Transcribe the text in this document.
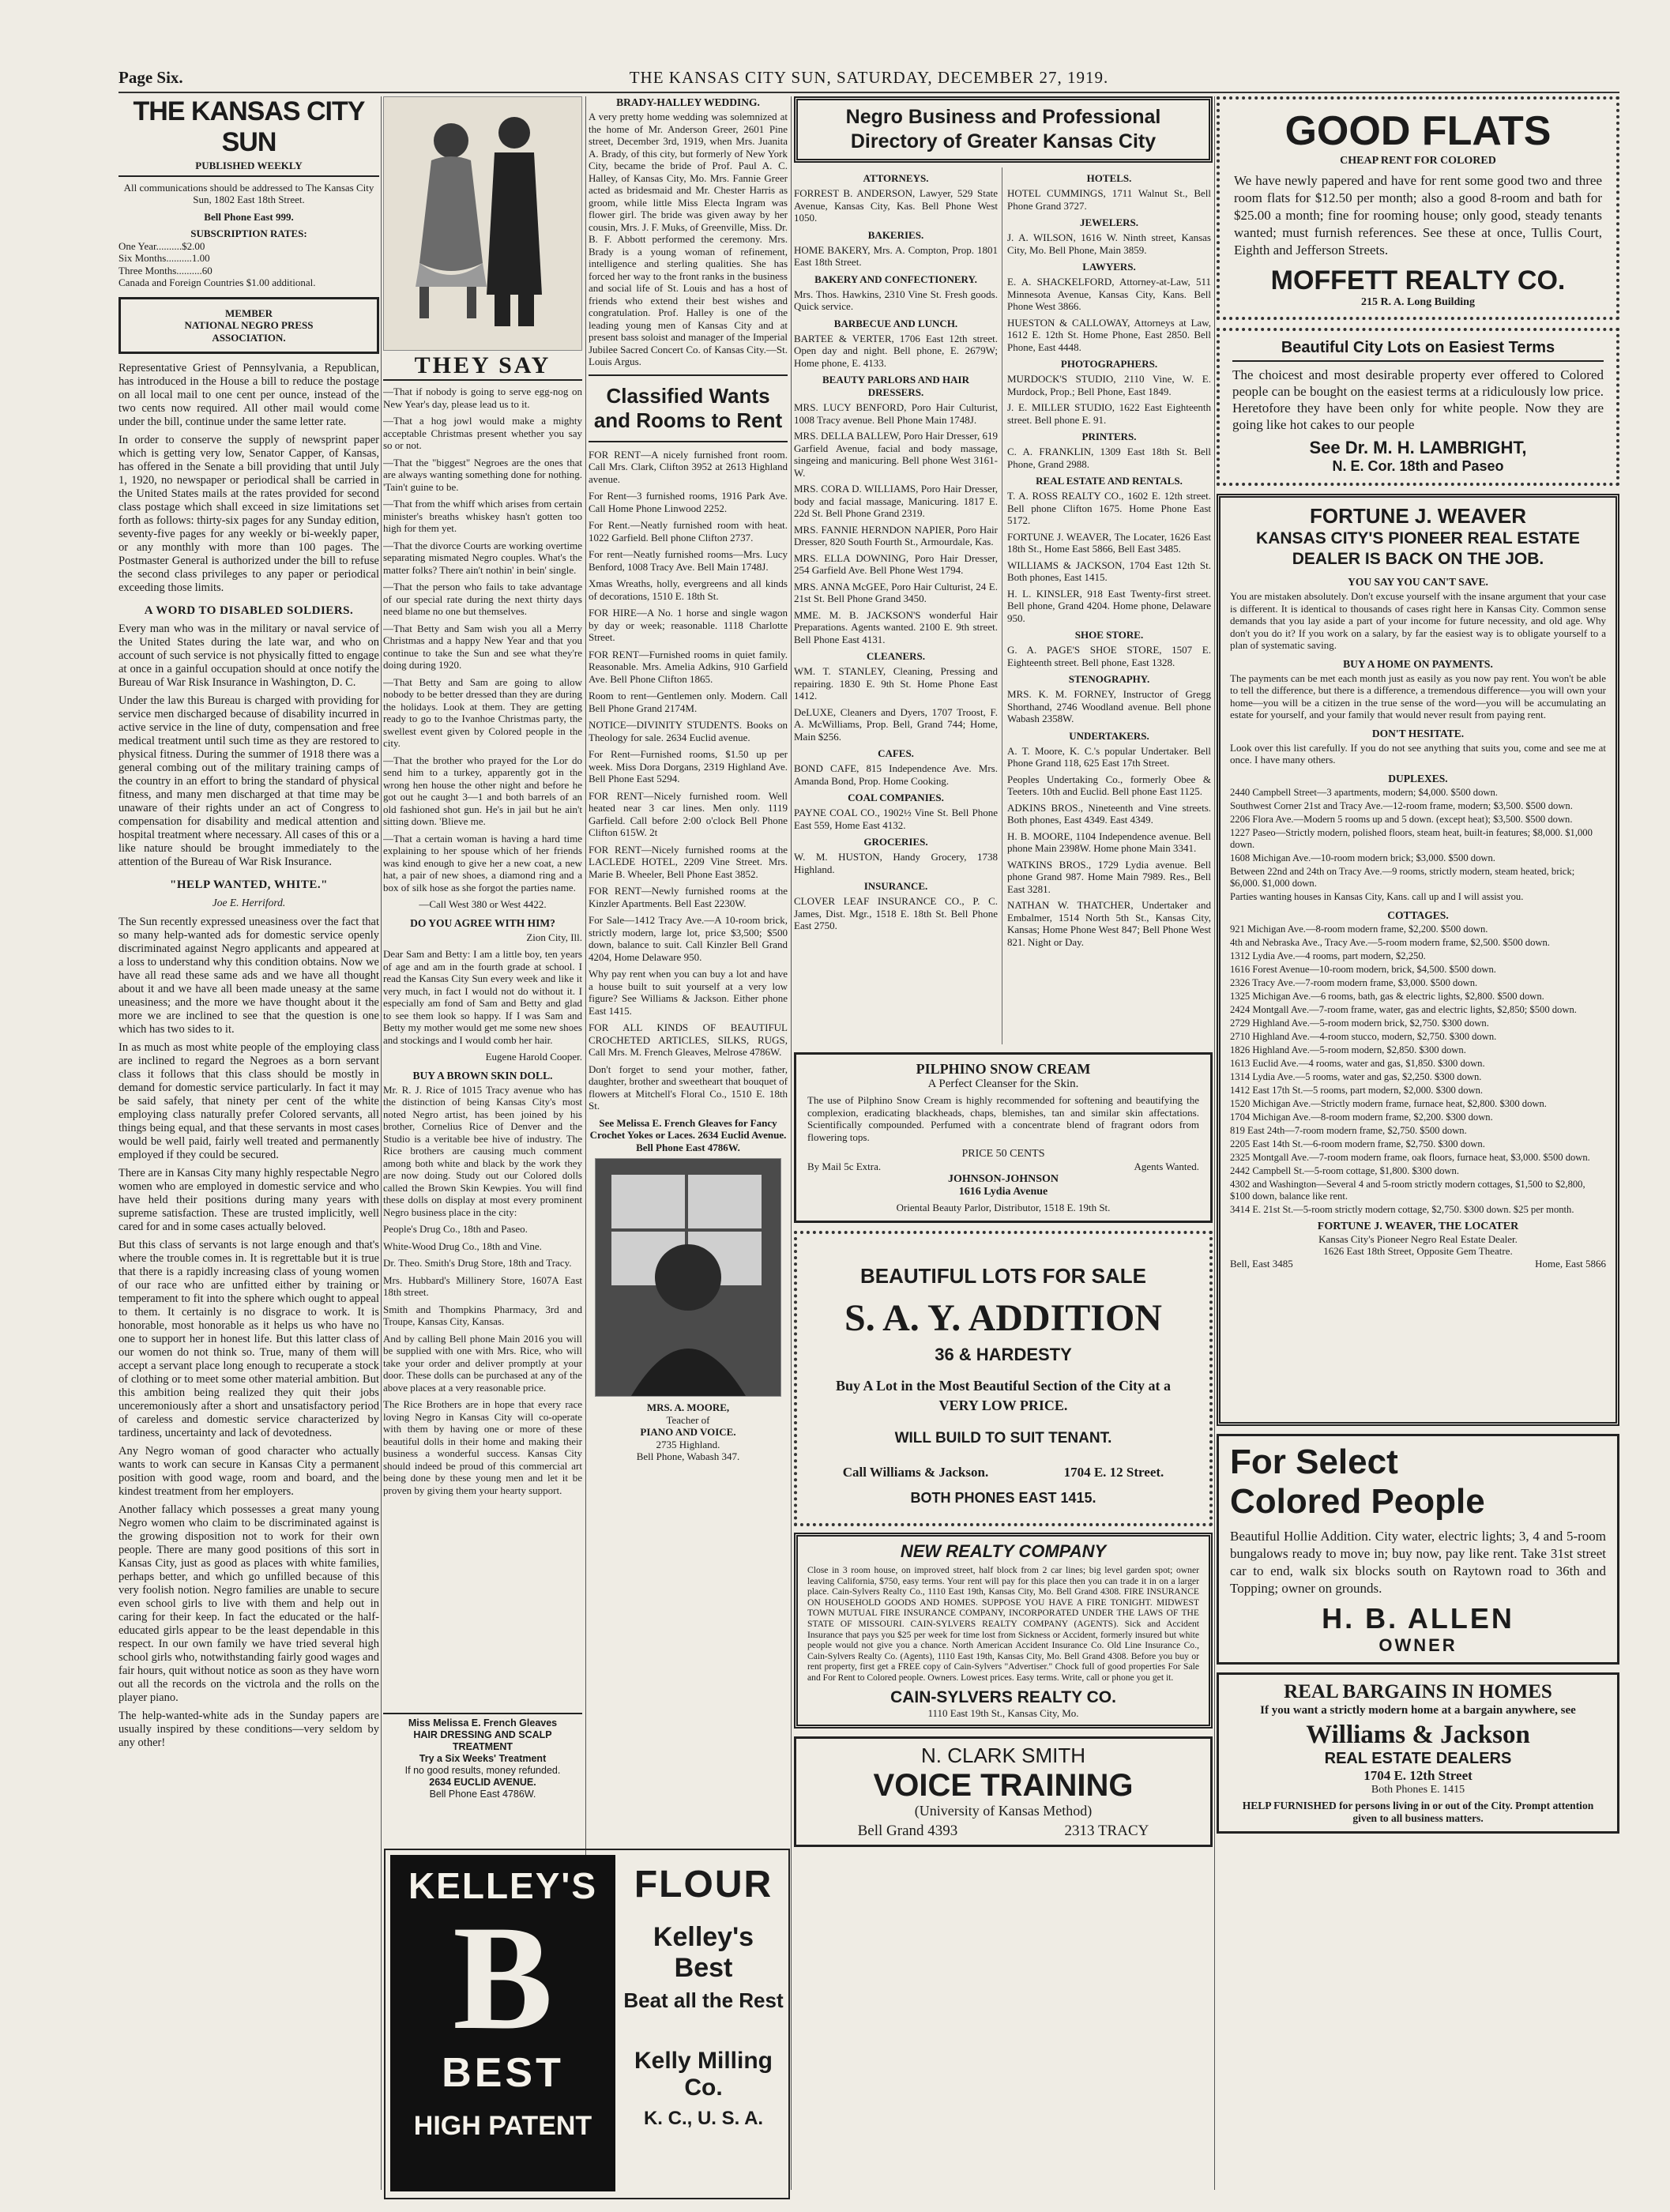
Page Six.	THE KANSAS CITY SUN, SATURDAY, DECEMBER 27, 1919.
THE KANSAS CITY SUN
PUBLISHED WEEKLY

All communications should be addressed to The Kansas City Sun, 1802 East 18th Street.

Bell Phone East 999.

SUBSCRIPTION RATES:
One Year..........$2.00
Six Months..........1.00
Three Months..........60
Canada and Foreign Countries $1.00 additional.
MEMBER
NATIONAL NEGRO PRESS
ASSOCIATION.

Representative Griest of Pennsylvania, a Republican, has introduced in the House a bill to reduce the postage on all local mail to one cent per ounce, instead of the two cents now required. All other mail would come under the bill, continue under the same letter rate.

In order to conserve the supply of newsprint paper which is getting very low, Senator Capper, of Kansas, has offered in the Senate a bill providing that until July 1, 1920, no newspaper or periodical shall be carried in the United States mails at the rates provided for second class postage which shall exceed in size limitations set forth as follows: thirty-six pages for any Sunday edition, seventy-five pages for any weekly or bi-weekly paper, or any monthly with more than 100 pages. The Postmaster General is authorized under the bill to refuse the second class privileges to any paper or periodical exceeding those limits.

A WORD TO DISABLED SOLDIERS.

Every man who was in the military or naval service of the United States during the late war, and who on account of such service is not physically fitted to engage at once in a gainful occupation should at once notify the Bureau of War Risk Insurance in Washington, D. C.

Under the law this Bureau is charged with providing for service men discharged because of disability incurred in active service in the line of duty, compensation and free medical treatment until such time as they are restored to physical fitness. During the summer of 1918 there was a general combing out of the military training camps of the country in an effort to bring the standard of physical fitness, and many men discharged at that time may be unaware of their rights under an act of Congress to compensation for disability and medical attention and hospital treatment where necessary. All cases of this or a like nature should be brought immediately to the attention of the Bureau of War Risk Insurance.

"HELP WANTED, WHITE."
Joe E. Herriford.

The Sun recently expressed uneasiness over the fact that so many help-wanted ads for domestic service openly discriminated against Negro applicants and appeared at a loss to understand why this condition obtains. Now we have all read these same ads and we have all thought about it and we have all been made uneasy at the same uneasiness; and the more we have thought about it the more we are inclined to see that the question is one which has two sides to it.

In as much as most white people of the employing class are inclined to regard the Negroes as a born servant class it follows that this class should be mostly in demand for domestic service particularly. In fact it may be said safely, that ninety per cent of the white employing class naturally prefer Colored servants, all things being equal, and that these servants in most cases would be well paid, fairly well treated and permanently employed if they could be secured.

There are in Kansas City many highly respectable Negro women who are employed in domestic service and who have held their positions during many years with supreme satisfaction. These are trusted implicitly, well cared for and in some cases actually beloved.

But this class of servants is not large enough and that's where the trouble comes in. It is regrettable but it is true that there is a rapidly increasing class of young women of our race who are unfitted either by training or temperament to fit into the sphere which ought to appeal to them. It certainly is no disgrace to work. It is honorable, most honorable as it helps us who have no one to support her in honest life. But this latter class of our women do not think so. True, many of them will accept a servant place long enough to recuperate a stock of clothing or to meet some other material ambition. But this ambition being realized they quit their jobs unceremoniously after a short and unsatisfactory period of careless and domestic service characterized by tardiness, uncertainty and lack of devotedness.

Any Negro woman of good character who actually wants to work can secure in Kansas City a permanent position with good wage, room and board, and the kindest treatment from her employers.

Another fallacy which possesses a great many young Negro women who claim to be discriminated against is the growing disposition not to work for their own people. There are many good positions of this sort in Kansas City, just as good as places with white families, perhaps better, and which go unfilled because of this very foolish notion. Negro families are unable to secure even school girls to live with them and help out in caring for their keep. In fact the educated or the half-educated girls appear to be the least dependable in this respect. In our own family we have tried several high school girls who, notwithstanding fairly good wages and fair hours, quit without notice as soon as they have worn out all the records on the victrola and the rolls on the player piano.

The help-wanted-white ads in the Sunday papers are usually inspired by these conditions—very seldom by any other!

THEY SAY

—That if nobody is going to serve egg-nog on New Year's day, please lead us to it.

—That a hog jowl would make a mighty acceptable Christmas present whether you say so or not.

—That the "biggest" Negroes are the ones that are always wanting something done for nothing. 'Tain't guine to be.

—That from the whiff which arises from certain minister's breaths whiskey hasn't gotten too high for them yet.

—That the divorce Courts are working overtime separating mismated Negro couples. What's the matter folks? There ain't nothin' in bein' single.

—That the person who fails to take advantage of our special rate during the next thirty days need blame no one but themselves.

—That Betty and Sam wish you all a Merry Christmas and a happy New Year and that you continue to take the Sun and see what they're doing during 1920.

—That Betty and Sam are going to allow nobody to be better dressed than they are during the holidays. Look at them. They are getting ready to go to the Ivanhoe Christmas party, the swellest event given by Colored people in the city.

—That the brother who prayed for the Lor do send him to a turkey, apparently got in the wrong hen house the other night and before he got out he caught 3—1 and both barrels of an old fashioned shot gun. He's in jail but he ain't sitting down. 'Blieve me.

—That a certain woman is having a hard time explaining to her spouse which of her friends was kind enough to give her a new coat, a new hat, a pair of new shoes, a diamond ring and a box of silk hose as she forgot the parties name.

—Call West 380 or West 4422.

DO YOU AGREE WITH HIM?

Zion City, Ill.

Dear Sam and Betty: I am a little boy, ten years of age and am in the fourth grade at school. I read the Kansas City Sun every week and like it very much, in fact I would not do without it. I especially am fond of Sam and Betty and glad to see them look so happy. If I was Sam and Betty my mother would get me some new shoes and stockings and I would comb her hair.

Eugene Harold Cooper.

BUY A BROWN SKIN DOLL.

Mr. R. J. Rice of 1015 Tracy avenue who has the distinction of being Kansas City's most noted Negro artist, has been joined by his brother, Cornelius Rice of Denver and the Studio is a veritable bee hive of industry. The Rice brothers are causing much comment among both white and black by the work they are now doing. Study out our Colored dolls called the Brown Skin Kewpies. You will find these dolls on display at most every prominent Negro business place in the city:

People's Drug Co., 18th and Paseo.

White-Wood Drug Co., 18th and Vine.

Dr. Theo. Smith's Drug Store, 18th and Tracy.

Mrs. Hubbard's Millinery Store, 1607A East 18th street.

Smith and Thompkins Pharmacy, 3rd and Troupe, Kansas City, Kansas.

And by calling Bell phone Main 2016 you will be supplied with one with Mrs. Rice, who will take your order and deliver promptly at your door. These dolls can be purchased at any of the above places at a very reasonable price.

The Rice Brothers are in hope that every race loving Negro in Kansas City will co-operate with them by having one or more of these beautiful dolls in their home and making their business a wonderful success. Kansas City should indeed be proud of this commercial art being done by these young men and let it be proven by giving them your hearty support.

Miss Melissa E. French Gleaves
HAIR DRESSING AND SCALP TREATMENT
Try a Six Weeks' Treatment
If no good results, money refunded.
2634 EUCLID AVENUE.
Bell Phone East 4786W.
BRADY-HALLEY WEDDING.

A very pretty home wedding was solemnized at the home of Mr. Anderson Greer, 2601 Pine street, December 3rd, 1919, when Mrs. Juanita A. Brady, of this city, but formerly of New York City, became the bride of Prof. Paul A. C. Halley, of Kansas City, Mo. Mrs. Fannie Greer acted as bridesmaid and Mr. Chester Harris as groom, while little Miss Electa Ingram was flower girl. The bride was given away by her cousin, Mrs. J. F. Muks, of Greenville, Miss. Dr. B. F. Abbott performed the ceremony. Mrs. Brady is a young woman of refinement, intelligence and sterling qualities. She has forced her way to the front ranks in the business and social life of St. Louis and has a host of friends who extend their best wishes and congratulation. Prof. Halley is one of the leading young men of Kansas City and at present bass soloist and manager of the Imperial Jubilee Sacred Concert Co. of Kansas City.—St. Louis Argus.

Classified Wants and Rooms to Rent

FOR RENT—A nicely furnished front room. Call Mrs. Clark, Clifton 3952 at 2613 Highland avenue.

For Rent—3 furnished rooms, 1916 Park Ave. Call Home Phone Linwood 2252.

For Rent.—Neatly furnished room with heat. 1022 Garfield. Bell phone Clifton 2737.

For rent—Neatly furnished rooms—Mrs. Lucy Benford, 1008 Tracy Ave. Bell Main 1748J.

Xmas Wreaths, holly, evergreens and all kinds of decorations, 1510 E. 18th St.

FOR HIRE—A No. 1 horse and single wagon by day or week; reasonable. 1118 Charlotte Street.

FOR RENT—Furnished rooms in quiet family. Reasonable. Mrs. Amelia Adkins, 910 Garfield Ave. Bell Phone Clifton 1865.

Room to rent—Gentlemen only. Modern. Call Bell Phone Grand 2174M.

NOTICE—DIVINITY STUDENTS. Books on Theology for sale. 2634 Euclid avenue.

For Rent—Furnished rooms, $1.50 up per week. Miss Dora Dorgans, 2319 Highland Ave. Bell Phone East 5294.

FOR RENT—Nicely furnished room. Well heated near 3 car lines. Men only. 1119 Garfield. Call before 2:00 o'clock Bell Phone Clifton 615W. 2t

FOR RENT—Nicely furnished rooms at the LACLEDE HOTEL, 2209 Vine Street. Mrs. Marie B. Wheeler, Bell Phone East 3852.

FOR RENT—Newly furnished rooms at the Kinzler Apartments. Bell East 2230W.

For Sale—1412 Tracy Ave.—A 10-room brick, strictly modern, large lot, price $3,500; $500 down, balance to suit. Call Kinzler Bell Grand 4204, Home Delaware 950.

Why pay rent when you can buy a lot and have a house built to suit yourself at a very low figure? See Williams & Jackson. Either phone East 1415.

FOR ALL KINDS OF BEAUTIFUL CROCHETED ARTICLES, SILKS, RUGS, Call Mrs. M. French Gleaves, Melrose 4786W.

Don't forget to send your mother, father, daughter, brother and sweetheart that bouquet of flowers at Mitchell's Floral Co., 1510 E. 18th St.

See Melissa E. French Gleaves for Fancy Crochet Yokes or Laces. 2634 Euclid Avenue. Bell Phone East 4786W.

MRS. A. MOORE,
Teacher of
PIANO AND VOICE.
2735 Highland.
Bell Phone, Wabash 347.
KELLEY'S
B
BEST
HIGH PATENT
FLOUR
Kelley's Best
Beat all the Rest
Kelly Milling Co.
K. C., U. S. A.
Negro Business and Professional Directory of Greater Kansas City
ATTORNEYS.
FORREST B. ANDERSON, Lawyer, 529 State Avenue, Kansas City, Kas. Bell Phone West 1050.
BAKERIES.
HOME BAKERY, Mrs. A. Compton, Prop. 1801 East 18th Street.
BAKERY AND CONFECTIONERY.
Mrs. Thos. Hawkins, 2310 Vine St. Fresh goods. Quick service.
BARBECUE AND LUNCH.
BARTEE & VERTER, 1706 East 12th street. Open day and night. Bell phone, E. 2679W; Home phone, E. 4133.
BEAUTY PARLORS AND HAIR DRESSERS.
MRS. LUCY BENFORD, Poro Hair Culturist, 1008 Tracy avenue. Bell Phone Main 1748J.
MRS. DELLA BALLEW, Poro Hair Dresser, 619 Garfield Avenue, facial and body massage, singeing and manicuring. Bell phone West 3161-W.
MRS. CORA D. WILLIAMS, Poro Hair Dresser, body and facial massage, Manicuring. 1817 E. 22d St. Bell Phone Grand 2319.
MRS. FANNIE HERNDON NAPIER, Poro Hair Dresser, 820 South Fourth St., Armourdale, Kas.
MRS. ELLA DOWNING, Poro Hair Dresser, 254 Garfield Ave. Bell Phone West 1794.
MRS. ANNA McGEE, Poro Hair Culturist, 24 E. 21st St. Bell Phone Grand 3450.
MME. M. B. JACKSON'S wonderful Hair Preparations. Agents wanted. 2100 E. 9th street. Bell Phone East 4131.
CLEANERS.
WM. T. STANLEY, Cleaning, Pressing and repairing. 1830 E. 9th St. Home Phone East 1412.
DeLUXE, Cleaners and Dyers, 1707 Troost, F. A. McWilliams, Prop. Bell, Grand 744; Home, Main $256.
CAFES.
BOND CAFE, 815 Independence Ave. Mrs. Amanda Bond, Prop. Home Cooking.
COAL COMPANIES.
PAYNE COAL CO., 1902½ Vine St. Bell Phone East 559, Home East 4132.
GROCERIES.
W. M. HUSTON, Handy Grocery, 1738 Highland.
INSURANCE.
CLOVER LEAF INSURANCE CO., P. C. James, Dist. Mgr., 1518 E. 18th St. Bell Phone East 2750.
HOTELS.
HOTEL CUMMINGS, 1711 Walnut St., Bell Phone Grand 3727.
JEWELERS.
J. A. WILSON, 1616 W. Ninth street, Kansas City, Mo. Bell Phone, Main 3859.
LAWYERS.
E. A. SHACKELFORD, Attorney-at-Law, 511 Minnesota Avenue, Kansas City, Kans. Bell Phone West 3866.
HUESTON & CALLOWAY, Attorneys at Law, 1612 E. 12th St. Home Phone, East 2850. Bell Phone, East 4448.
PHOTOGRAPHERS.
MURDOCK'S STUDIO, 2110 Vine, W. E. Murdock, Prop.; Bell Phone, East 1849.
J. E. MILLER STUDIO, 1622 East Eighteenth street. Bell phone E. 91.
PRINTERS.
C. A. FRANKLIN, 1309 East 18th St. Bell Phone, Grand 2988.
REAL ESTATE AND RENTALS.
T. A. ROSS REALTY CO., 1602 E. 12th street. Bell phone Clifton 1675. Home Phone East 5172.
FORTUNE J. WEAVER, The Locater, 1626 East 18th St., Home East 5866, Bell East 3485.
WILLIAMS & JACKSON, 1704 East 12th St. Both phones, East 1415.
H. L. KINSLER, 918 East Twenty-first street. Bell phone, Grand 4204. Home phone, Delaware 950.
SHOE STORE.
G. A. PAGE'S SHOE STORE, 1507 E. Eighteenth street. Bell phone, East 1328.
STENOGRAPHY.
MRS. K. M. FORNEY, Instructor of Gregg Shorthand, 2746 Woodland avenue. Bell phone Wabash 2358W.
UNDERTAKERS.
A. T. Moore, K. C.'s popular Undertaker. Bell Phone Grand 118, 625 East 17th Street.
Peoples Undertaking Co., formerly Obee & Teeters. 10th and Euclid. Bell phone East 1125.
ADKINS BROS., Nineteenth and Vine streets. Both phones, East 4349. East 4349.
H. B. MOORE, 1104 Independence avenue. Bell phone Main 2398W. Home phone Main 3341.
WATKINS BROS., 1729 Lydia avenue. Bell phone Grand 987. Home Main 7989. Res., Bell East 3281.
NATHAN W. THATCHER, Undertaker and Embalmer, 1514 North 5th St., Kansas City, Kansas; Home Phone West 847; Bell Phone West 821. Night or Day.
PILPHINO SNOW CREAM
A Perfect Cleanser for the Skin.

The use of Pilphino Snow Cream is highly recommended for softening and beautifying the complexion, eradicating blackheads, chaps, blemishes, tan and similar skin affectations. Scientifically compounded. Perfumed with a concentrate blend of fragrant odors from flowering tops.

PRICE 50 CENTS
By Mail 5c Extra.	Agents Wanted.
JOHNSON-JOHNSON
1616 Lydia Avenue
Oriental Beauty Parlor, Distributor, 1518 E. 19th St.
BEAUTIFUL LOTS FOR SALE
S. A. Y. ADDITION
36 & HARDESTY
Buy A Lot in the Most Beautiful Section of the City at a VERY LOW PRICE.
WILL BUILD TO SUIT TENANT.
Call Williams & Jackson.	1704 E. 12 Street.
BOTH PHONES EAST 1415.
NEW REALTY COMPANY

Close in 3 room house, on improved street, half block from 2 car lines; big level garden spot; owner leaving California, $750, easy terms. Your rent will pay for this place then you can trade it in on a larger place. Cain-Sylvers Realty Co., 1110 East 19th, Kansas City, Mo. Bell Grand 4308. FIRE INSURANCE ON HOUSEHOLD GOODS AND HOMES. SUPPOSE YOU HAVE A FIRE TONIGHT. MIDWEST TOWN MUTUAL FIRE INSURANCE COMPANY, INCORPORATED UNDER THE LAWS OF THE STATE OF MISSOURI. CAIN-SYLVERS REALTY COMPANY (AGENTS). Sick and Accident Insurance that pays you $25 per week for time lost from Sickness or Accident, formerly insured but white people would not give you a chance. North American Accident Insurance Co. Old Line Insurance Co., Cain-Sylvers Realty Co. (Agents), 1110 East 19th, Kansas City, Mo. Bell Grand 4308. Before you buy or rent property, first get a FREE copy of Cain-Sylvers "Advertiser." Chock full of good properties For Sale and For Rent to Colored people. Owners. Lowest prices. Easy terms. Write, call or phone you get it.

CAIN-SYLVERS REALTY CO.
1110 East 19th St., Kansas City, Mo.
N. CLARK SMITH
VOICE TRAINING
(University of Kansas Method)
Bell Grand 4393	2313 TRACY
GOOD FLATS
CHEAP RENT FOR COLORED

We have newly papered and have for rent some good two and three room flats for $12.50 per month; also a good 8-room and bath for $25.00 a month; fine for rooming house; only good, steady tenants wanted; must furnish references. See these at once, Tullis Court, Eighth and Jefferson Streets.

MOFFETT REALTY CO.
215 R. A. Long Building
Beautiful City Lots on Easiest Terms

The choicest and most desirable property ever offered to Colored people can be bought on the easiest terms at a ridiculously low price. Heretofore they have been only for white people. Now they are going like hot cakes to our people

See Dr. M. H. LAMBRIGHT,
N. E. Cor. 18th and Paseo
FORTUNE J. WEAVER
KANSAS CITY'S PIONEER REAL ESTATE DEALER IS BACK ON THE JOB.
YOU SAY YOU CAN'T SAVE.

You are mistaken absolutely. Don't excuse yourself with the insane argument that your case is different. It is identical to thousands of cases right here in Kansas City. Common sense demands that you lay aside a part of your income for future necessity, and old age. Why don't you do it? If you work on a salary, by far the easiest way is to obligate yourself to a plan of systematic saving.

BUY A HOME ON PAYMENTS.

The payments can be met each month just as easily as you now pay rent. You won't be able to tell the difference, but there is a difference, a tremendous difference—you will own your home—you will be a citizen in the true sense of the word—you will be accumulating an estate for yourself, and your family that would never result from paying rent.

DON'T HESITATE.

Look over this list carefully. If you do not see anything that suits you, come and see me at once. I have many others.

DUPLEXES.
2440 Campbell Street—3 apartments, modern; $4,000. $500 down.
Southwest Corner 21st and Tracy Ave.—12-room frame, modern; $3,500. $500 down.
2206 Flora Ave.—Modern 5 rooms up and 5 down. (except heat); $3,500. $500 down.
1227 Paseo—Strictly modern, polished floors, steam heat, built-in features; $8,000. $1,000 down.
1608 Michigan Ave.—10-room modern brick; $3,000. $500 down.
Between 22nd and 24th on Tracy Ave.—9 rooms, strictly modern, steam heated, brick; $6,000. $1,000 down.
Parties wanting houses in Kansas City, Kans. call up and I will assist you.
COTTAGES.
921 Michigan Ave.—8-room modern frame, $2,200. $500 down.
4th and Nebraska Ave., Tracy Ave.—5-room modern frame, $2,500. $500 down.
1312 Lydia Ave.—4 rooms, part modern, $2,250.
1616 Forest Avenue—10-room modern, brick, $4,500. $500 down.
2326 Tracy Ave.—7-room modern frame, $3,000. $500 down.
1325 Michigan Ave.—6 rooms, bath, gas & electric lights, $2,800. $500 down.
2424 Montgall Ave.—7-room frame, water, gas and electric lights, $2,850; $500 down.
2729 Highland Ave.—5-room modern brick, $2,750. $300 down.
2710 Highland Ave.—4-room stucco, modern, $2,750. $300 down.
1826 Highland Ave.—5-room modern, $2,850. $300 down.
1613 Euclid Ave.—4 rooms, water and gas, $1,850. $300 down.
1314 Lydia Ave.—5 rooms, water and gas, $2,250. $300 down.
1412 East 17th St.—5 rooms, part modern, $2,000. $300 down.
1520 Michigan Ave.—Strictly modern frame, furnace heat, $2,800. $300 down.
1704 Michigan Ave.—8-room modern frame, $2,200. $300 down.
819 East 24th—7-room modern frame, $2,750. $500 down.
2205 East 14th St.—6-room modern frame, $2,750. $300 down.
2325 Montgall Ave.—7-room modern frame, oak floors, furnace heat, $3,000. $500 down.
2442 Campbell St.—5-room cottage, $1,800. $300 down.
4302 and Washington—Several 4 and 5-room strictly modern cottages, $1,500 to $2,800, $100 down, balance like rent.
3414 E. 21st St.—5-room strictly modern cottage, $2,750. $300 down. $25 per month.
FORTUNE J. WEAVER, THE LOCATER
Kansas City's Pioneer Negro Real Estate Dealer.
1626 East 18th Street, Opposite Gem Theatre.
Bell, East 3485	Home, East 5866
For Select
Colored People

Beautiful Hollie Addition. City water, electric lights; 3, 4 and 5-room bungalows ready to move in; buy now, pay like rent. Take 31st street car to end, walk six blocks south on Raytown road to 36th and Topping; owner on grounds.

H. B. ALLEN
OWNER
REAL BARGAINS IN HOMES
If you want a strictly modern home at a bargain anywhere, see
Williams & Jackson
REAL ESTATE DEALERS
1704 E. 12th Street
Both Phones E. 1415
HELP FURNISHED for persons living in or out of the City. Prompt attention given to all business matters.
